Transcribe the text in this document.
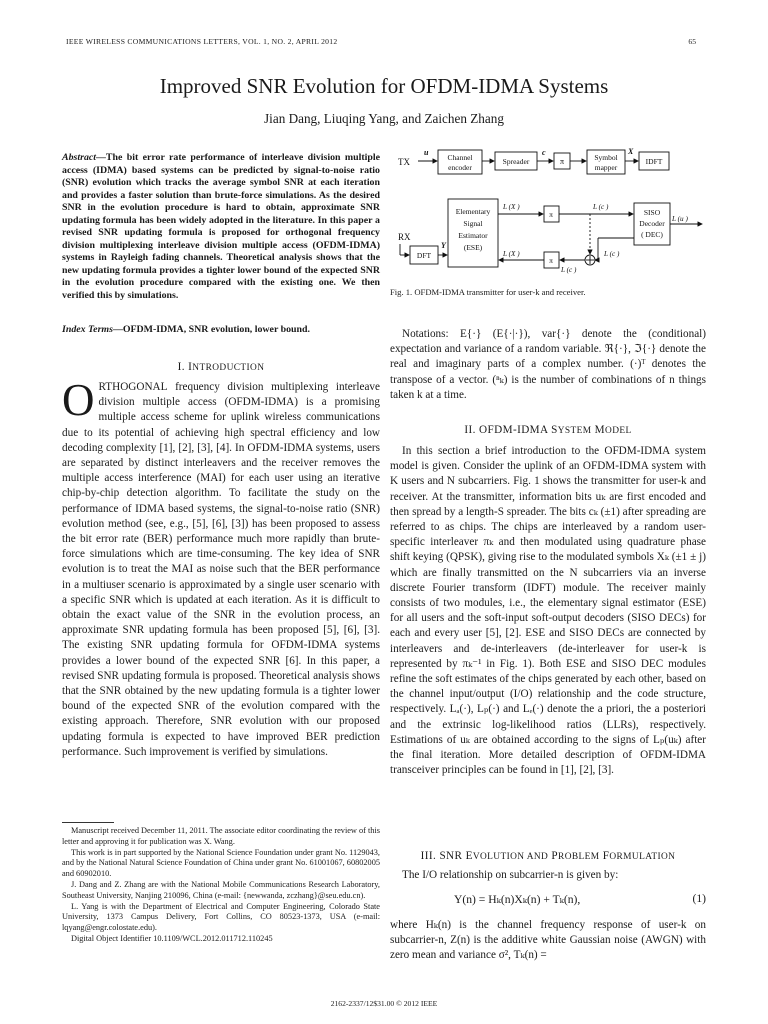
IEEE WIRELESS COMMUNICATIONS LETTERS, VOL. 1, NO. 2, APRIL 2012	65
Improved SNR Evolution for OFDM-IDMA Systems
Jian Dang, Liuqing Yang, and Zaichen Zhang
Abstract—The bit error rate performance of interleave division multiple access (IDMA) based systems can be predicted by signal-to-noise ratio (SNR) evolution which tracks the average symbol SNR at each iteration and provides a faster solution than brute-force simulations. As the desired SNR in the evolution procedure is hard to obtain, approximate SNR updating formula has been widely adopted in the literature. In this paper a revised SNR updating formula is proposed for orthogonal frequency division multiplexing interleave division multiple access (OFDM-IDMA) systems in Rayleigh fading channels. Theoretical analysis shows that the new updating formula provides a tighter lower bound of the expected SNR in the evolution procedure compared with the existing one. We then verified this by simulations.
Index Terms—OFDM-IDMA, SNR evolution, lower bound.
I. INTRODUCTION
ORTHOGONAL frequency division multiplexing interleave division multiple access (OFDM-IDMA) is a promising multiple access scheme for uplink wireless communications due to its potential of achieving high spectral efficiency and low decoding complexity [1], [2], [3], [4]. In OFDM-IDMA systems, users are separated by distinct interleavers and the receiver removes the multiple access interference (MAI) for each user using an iterative chip-by-chip detection algorithm. To facilitate the study on the performance of IDMA based systems, the signal-to-noise ratio (SNR) evolution method (see, e.g., [5], [6], [3]) has been proposed to assess the bit error rate (BER) performance much more rapidly than brute-force simulations which are time-consuming. The key idea of SNR evolution is to treat the MAI as noise such that the BER performance in a multiuser scenario is approximated by a single user scenario with a specific SNR which is updated at each iteration. As it is difficult to obtain the exact value of the SNR in the evolution process, an approximate SNR updating formula has been proposed [5], [6], [3]. The existing SNR updating formula for OFDM-IDMA systems provides a lower bound of the expected SNR [6]. In this paper, a revised SNR updating formula is proposed. Theoretical analysis shows that the SNR obtained by the new updating formula is a tighter lower bound of the expected SNR of the evolution compared with the existing approach. Therefore, SNR evolution with our proposed updating formula is expected to have improved BER prediction performance. Such improvement is verified by simulations.

Manuscript received December 11, 2011. The associate editor coordinating the review of this letter and approving it for publication was X. Wang.

This work is in part supported by the National Science Foundation under grant No. 1129043, and by the National Natural Science Foundation of China under grant No. 61001067, 60802005 and 60902010.

J. Dang and Z. Zhang are with the National Mobile Communications Research Laboratory, Southeast University, Nanjing 210096, China (e-mail: {newwanda, zczhang}@seu.edu.cn).

L. Yang is with the Department of Electrical and Computer Engineering, Colorado State University, 1373 Campus Delivery, Fort Collins, CO 80523-1373, USA (e-mail: lqyang@engr.colostate.edu).

Digital Object Identifier 10.1109/WCL.2012.011712.110245

TX
u
Channel
encoder
Spreader
c
π	Symbol
mapper
X
IDFT
RX
DFT
Y
Elementary
Signal
Estimator
(ESE)
L (X )
π
L (c )
SISO
Decoder
( DEC)
L (u )
L (c )
L (c )
π
L (X )
Fig. 1. OFDM-IDMA transmitter for user-k and receiver.
Notations: E{·} (E{·|·}), var{·} denote the (conditional) expectation and variance of a random variable. ℜ{·}, ℑ{·} denote the real and imaginary parts of a complex number. (·)ᵀ denotes the transpose of a vector. (ⁿₖ) is the number of combinations of n things taken k at a time.
II. OFDM-IDMA SYSTEM MODEL
In this section a brief introduction to the OFDM-IDMA system model is given. Consider the uplink of an OFDM-IDMA system with K users and N subcarriers. Fig. 1 shows the transmitter for user-k and receiver. At the transmitter, information bits uₖ are first encoded and then spread by a length-S spreader. The bits cₖ (±1) after spreading are referred to as chips. The chips are interleaved by a random user-specific interleaver πₖ and then modulated using quadrature phase shift keying (QPSK), giving rise to the modulated symbols Xₖ (±1 ± j) which are finally transmitted on the N subcarriers via an inverse discrete Fourier transform (IDFT) module. The receiver mainly consists of two modules, i.e., the elementary signal estimator (ESE) for all users and the soft-input soft-output decoders (SISO DECs) for each and every user [5], [2]. ESE and SISO DECs are connected by interleavers and de-interleavers (de-interleaver for user-k is represented by πₖ⁻¹ in Fig. 1). Both ESE and SISO DEC modules refine the soft estimates of the chips generated by each other, based on the channel input/output (I/O) relationship and the code structure, respectively. Lₐ(·), Lₚ(·) and Lₑ(·) denote the a priori, the a posteriori and the extrinsic log-likelihood ratios (LLRs), respectively. Estimations of uₖ are obtained according to the signs of Lₚ(uₖ) after the final iteration. More detailed description of OFDM-IDMA transceiver principles can be found in [1], [2], [3].
III. SNR EVOLUTION AND PROBLEM FORMULATION
The I/O relationship on subcarrier-n is given by:
Y(n) = Hₖ(n)Xₖ(n) + Tₖ(n),	(1)
where Hₖ(n) is the channel frequency response of user-k on subcarrier-n, Z(n) is the additive white Gaussian noise (AWGN) with zero mean and variance σ², Tₖ(n) =
2162-2337/12$31.00 © 2012 IEEE
